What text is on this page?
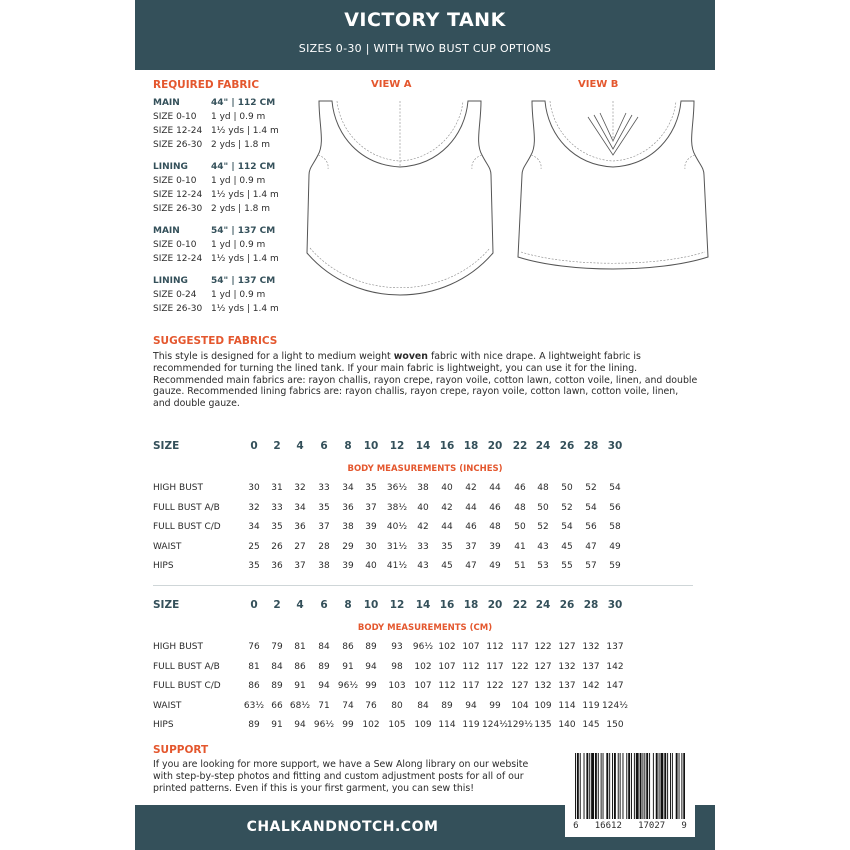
VICTORY TANK
SIZES 0-30 | WITH TWO BUST CUP OPTIONS
REQUIRED FABRIC
MAIN	44" | 112 CM
SIZE 0-10	1 yd | 0.9 m
SIZE 12-24 1½ yds | 1.4 m
SIZE 26-30 2 yds | 1.8 m
LINING	44" | 112 CM
SIZE 0-10	1 yd | 0.9 m
SIZE 12-24 1½ yds | 1.4 m
SIZE 26-30 2 yds | 1.8 m
MAIN	54" | 137 CM
SIZE 0-10	1 yd | 0.9 m
SIZE 12-24 1½ yds | 1.4 m
LINING	54" | 137 CM
SIZE 0-24	1 yd | 0.9 m
SIZE 26-30 1½ yds | 1.4 m
VIEW A	VIEW B
SUGGESTED FABRICS
This style is designed for a light to medium weight woven fabric with nice drape. A lightweight fabric is recommended for turning the lined tank. If your main fabric is lightweight, you can use it for the lining. Recommended main fabrics are: rayon challis, rayon crepe, rayon voile, cotton lawn, cotton voile, linen, and double gauze. Recommended lining fabrics are: rayon challis, rayon crepe, rayon voile, cotton lawn, cotton voile, linen, and double gauze.
SIZE	0	2	4	6	8	10	12	14 16 18 20 22 24 26 28 30
BODY MEASUREMENTS (INCHES)
HIGH BUST	30	31	32	33	34	35	36½	38	40	42	44	46	48	50	52	54
FULL BUST A/B	32	33	34	35	36	37	38½	40	42	44	46	48	50	52	54	56
FULL BUST C/D	34	35	36	37	38	39	40½	42	44	46	48	50	52	54	56	58
WAIST	25	26	27	28	29	30	31½	33	35	37	39	41	43	45	47	49
HIPS	35	36	37	38	39	40	41½	43	45	47	49	51	53	55	57	59
SIZE	0	2	4	6	8	10	12	14 16 18 20 22 24 26 28 30
BODY MEASUREMENTS (CM)
HIGH BUST	76	79	81	84	86	89	93	96½ 102 107 112 117 122 127 132 137
FULL BUST A/B	81	84	86	89	91	94	98	102 107 112 117 122 127 132 137 142
FULL BUST C/D	86	89	91	94 96½ 99	103 107 112 117 122 127 132 137 142 147
WAIST	63½ 66 68½ 71	74	76	80	84	89	94	99	104 109 114 119 124½
HIPS	89	91	94 96½ 99 102 105 109 114 119 124½ 129½ 135 140 145 150
SUPPORT
If you are looking for more support, we have a Sew Along library on our website with step-by-step photos and fitting and custom adjustment posts for all of our printed patterns. Even if this is your first garment, you can sew this!
CHALKANDNOTCH.COM	6 16612 17027 9
